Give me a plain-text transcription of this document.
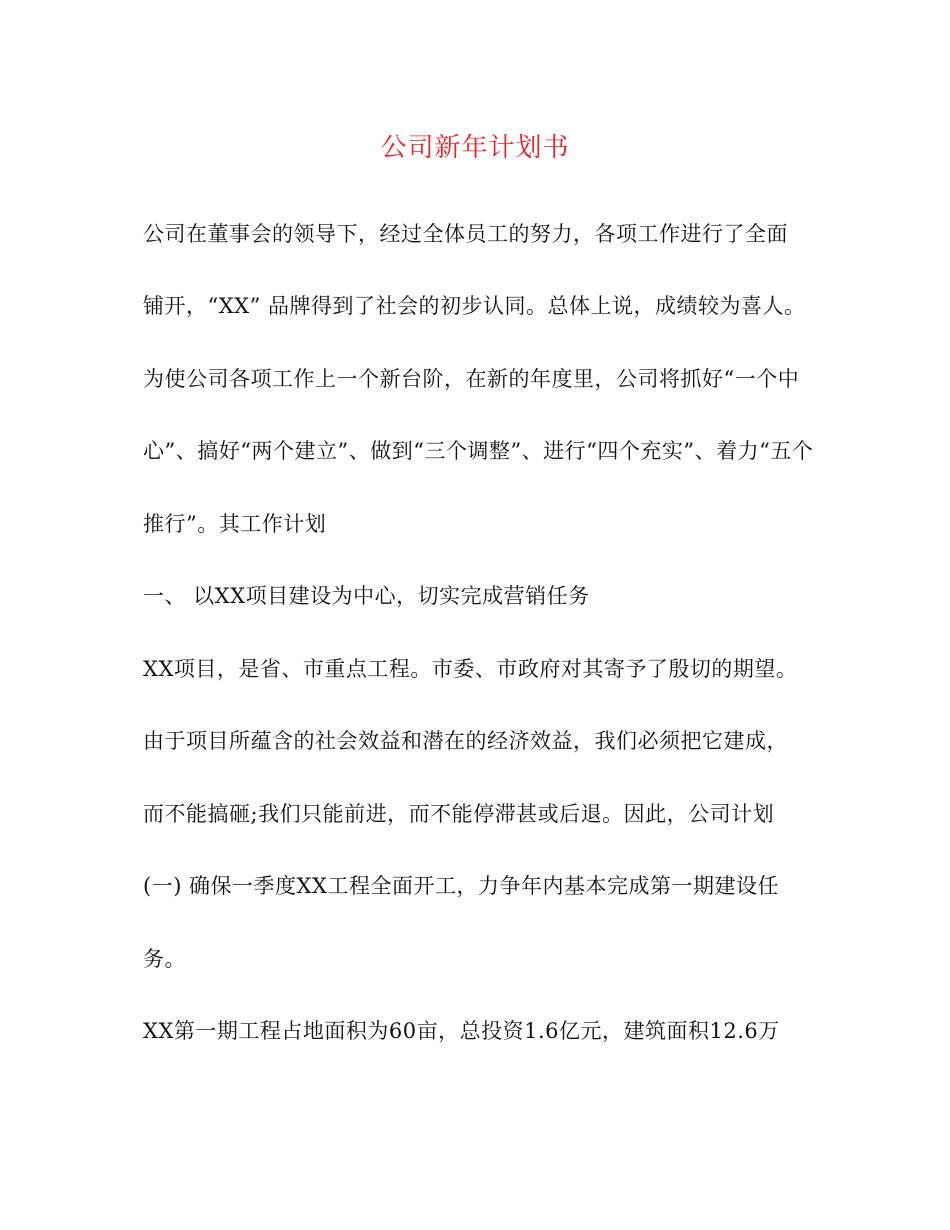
公司新年计划书
公司在董事会的领导下，经过全体员工的努力，各项工作进行了全面
铺开，“XX” 品牌得到了社会的初步认同。总体上说，成绩较为喜人。
为使公司各项工作上一个新台阶，在新的年度里，公司将抓好“一个中
心”、搞好“两个建立”、做到“三个调整”、进行“四个充实”、着力“五个
推行”。其工作计划
一、 以XX项目建设为中心，切实完成营销任务
XX项目，是省、市重点工程。市委、市政府对其寄予了殷切的期望。
由于项目所蕴含的社会效益和潜在的经济效益，我们必须把它建成，
而不能搞砸;我们只能前进，而不能停滞甚或后退。因此，公司计划
(一) 确保一季度XX工程全面开工，力争年内基本完成第一期建设任
务。
XX第一期工程占地面积为60亩，总投资1.6亿元，建筑面积12.6万
